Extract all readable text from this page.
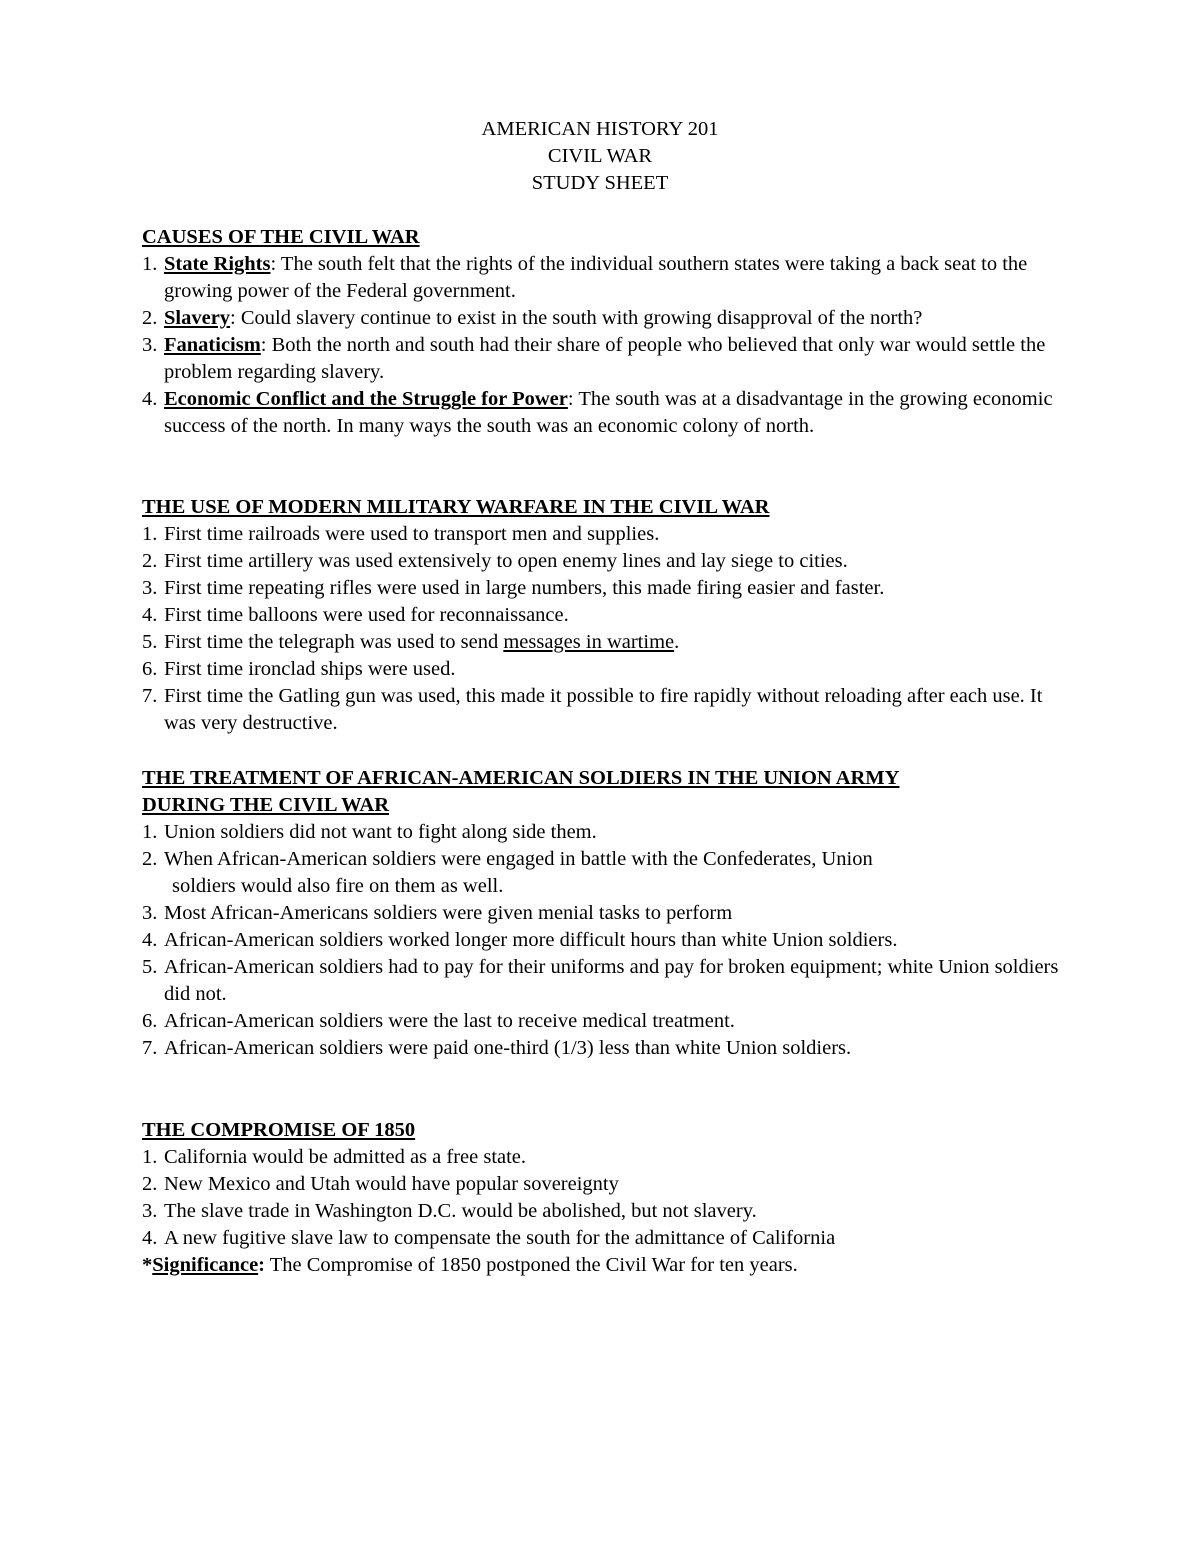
AMERICAN HISTORY 201
CIVIL WAR
STUDY SHEET
CAUSES OF THE CIVIL WAR
1. State Rights: The south felt that the rights of the individual southern states were taking a back seat to the growing power of the Federal government.
2. Slavery: Could slavery continue to exist in the south with growing disapproval of the north?
3. Fanaticism: Both the north and south had their share of people who believed that only war would settle the problem regarding slavery.
4. Economic Conflict and the Struggle for Power: The south was at a disadvantage in the growing economic success of the north. In many ways the south was an economic colony of north.
THE USE OF MODERN MILITARY WARFARE IN THE CIVIL WAR
1. First time railroads were used to transport men and supplies.
2. First time artillery was used extensively to open enemy lines and lay siege to cities.
3. First time repeating rifles were used in large numbers, this made firing easier and faster.
4. First time balloons were used for reconnaissance.
5. First time the telegraph was used to send messages in wartime.
6. First time ironclad ships were used.
7. First time the Gatling gun was used, this made it possible to fire rapidly without reloading after each use. It was very destructive.
THE TREATMENT OF AFRICAN-AMERICAN SOLDIERS IN THE UNION ARMY
DURING THE CIVIL WAR
1. Union soldiers did not want to fight along side them.
2. When African-American soldiers were engaged in battle with the Confederates, Union
soldiers would also fire on them as well.
3. Most African-Americans soldiers were given menial tasks to perform
4. African-American soldiers worked longer more difficult hours than white Union soldiers.
5. African-American soldiers had to pay for their uniforms and pay for broken equipment; white Union soldiers did not.
6. African-American soldiers were the last to receive medical treatment.
7. African-American soldiers were paid one-third (1/3) less than white Union soldiers.
THE COMPROMISE OF 1850
1. California would be admitted as a free state.
2. New Mexico and Utah would have popular sovereignty
3. The slave trade in Washington D.C. would be abolished, but not slavery.
4. A new fugitive slave law to compensate the south for the admittance of California
*Significance: The Compromise of 1850 postponed the Civil War for ten years.
